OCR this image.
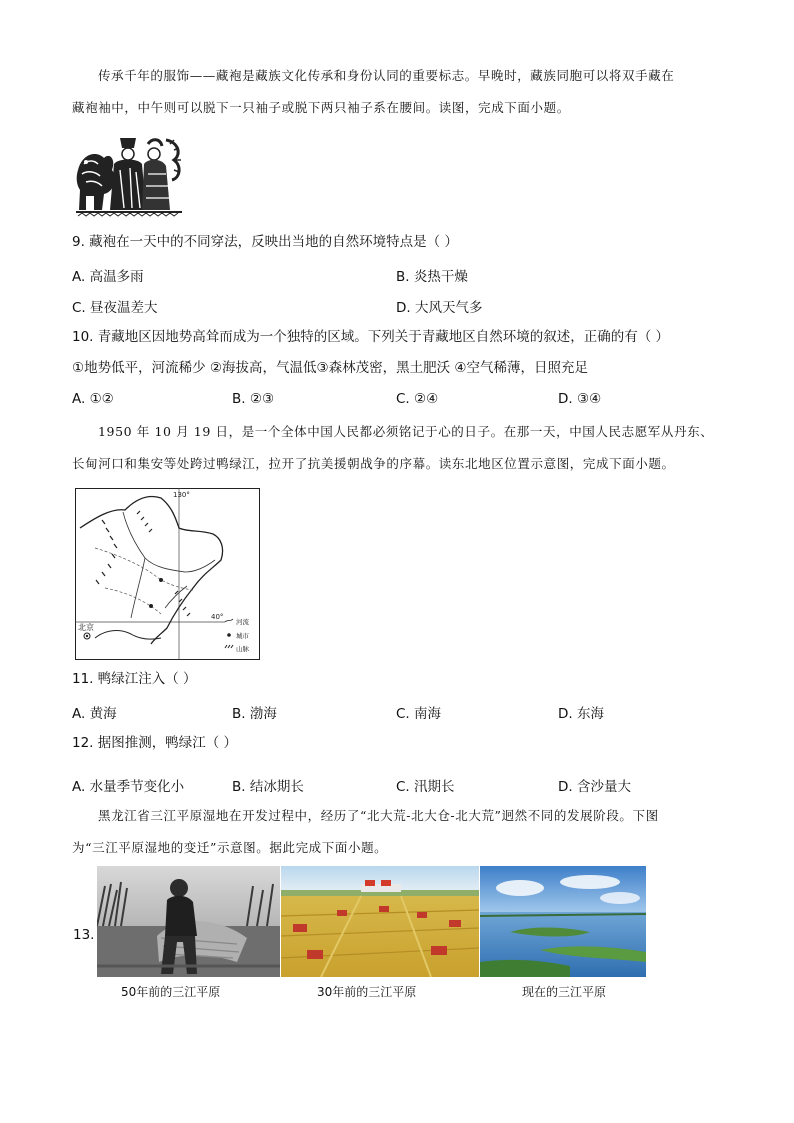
传承千年的服饰——藏袍是藏族文化传承和身份认同的重要标志。早晚时，藏族同胞可以将双手藏在
藏袍袖中，中午则可以脱下一只袖子或脱下两只袖子系在腰间。读图，完成下面小题。
9. 藏袍在一天中的不同穿法，反映出当地的自然环境特点是（ ）
A. 高温多雨	B. 炎热干燥
C. 昼夜温差大	D. 大风天气多
10. 青藏地区因地势高耸而成为一个独特的区域。下列关于青藏地区自然环境的叙述，正确的有（ ）
①地势低平，河流稀少 ②海拔高，气温低③森林茂密，黑土肥沃 ④空气稀薄，日照充足
A. ①②	B. ②③	C. ②④	D. ③④
1950 年 10 月 19 日，是一个全体中国人民都必须铭记于心的日子。在那一天，中国人民志愿军从丹东、
长甸河口和集安等处跨过鸭绿江，拉开了抗美援朝战争的序幕。读东北地区位置示意图，完成下面小题。
130°
40°
北京
河流
城市
山脉
11. 鸭绿江注入（ ）
A. 黄海	B. 渤海	C. 南海	D. 东海
12. 据图推测，鸭绿江（ ）
A. 水量季节变化小	B. 结冰期长	C. 汛期长	D. 含沙量大
黑龙江省三江平原湿地在开发过程中，经历了“北大荒-北大仓-北大荒”迥然不同的发展阶段。下图
为“三江平原湿地的变迁”示意图。据此完成下面小题。
13.
50年前的三江平原	30年前的三江平原	现在的三江平原
